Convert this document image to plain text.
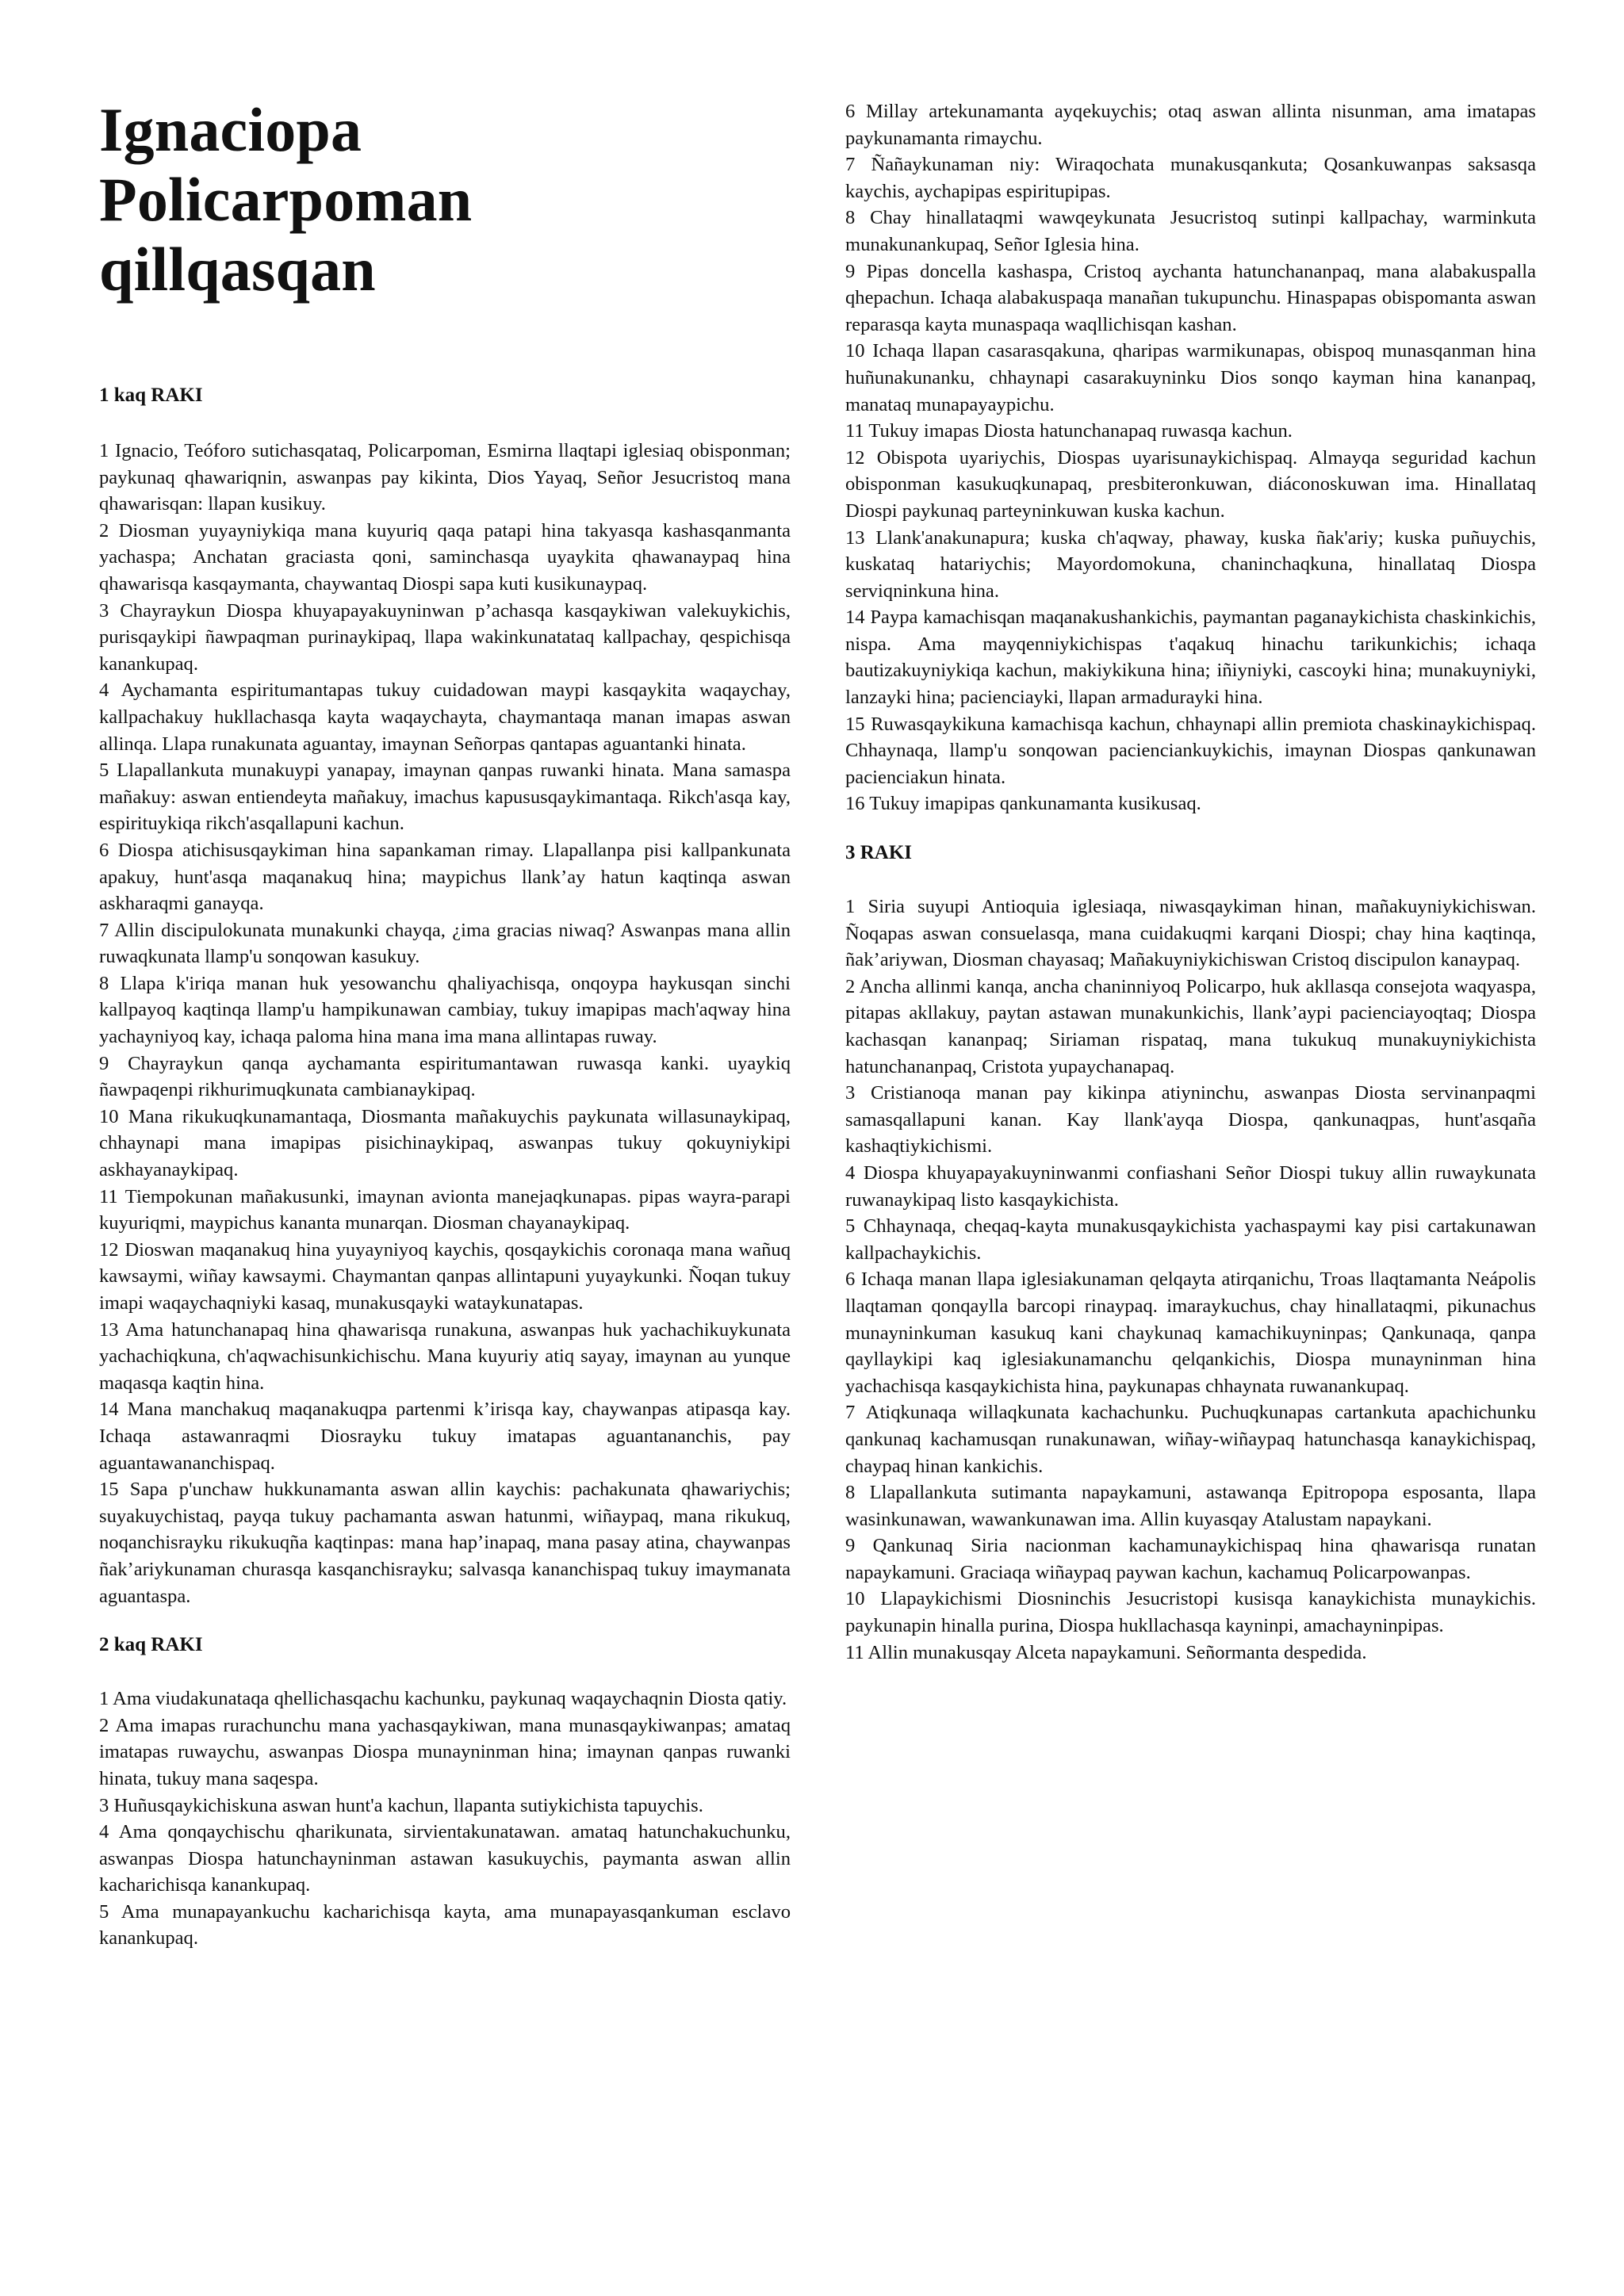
Ignaciopa
Policarpoman
qillqasqan
1 kaq RAKI

1 Ignacio, Teóforo sutichasqataq, Policarpoman, Esmirna llaqtapi iglesiaq obisponman; paykunaq qhawariqnin, aswanpas pay kikinta, Dios Yayaq, Señor Jesucristoq mana qhawarisqan: llapan kusikuy.

2 Diosman yuyayniykiqa mana kuyuriq qaqa patapi hina takyasqa kashasqanmanta yachaspa; Anchatan graciasta qoni, saminchasqa uyaykita qhawanaypaq hina qhawarisqa kasqaymanta, chaywantaq Diospi sapa kuti kusikunaypaq.

3 Chayraykun Diospa khuyapayakuyninwan p’achasqa kasqaykiwan valekuykichis, purisqaykipi ñawpaqman purinaykipaq, llapa wakinkunatataq kallpachay, qespichisqa kanankupaq.

4 Aychamanta espiritumantapas tukuy cuidadowan maypi kasqaykita waqaychay, kallpachakuy hukllachasqa kayta waqaychayta, chaymantaqa manan imapas aswan allinqa. Llapa runakunata aguantay, imaynan Señorpas qantapas aguantanki hinata.

5 Llapallankuta munakuypi yanapay, imaynan qanpas ruwanki hinata. Mana samaspa mañakuy: aswan entiendeyta mañakuy, imachus kapususqaykimantaqa. Rikch'asqa kay, espirituykiqa rikch'asqallapuni kachun.

6 Diospa atichisusqaykiman hina sapankaman rimay. Llapallanpa pisi kallpankunata apakuy, hunt'asqa maqanakuq hina; maypichus llank’ay hatun kaqtinqa aswan askharaqmi ganayqa.

7 Allin discipulokunata munakunki chayqa, ¿ima gracias niwaq? Aswanpas mana allin ruwaqkunata llamp'u sonqowan kasukuy.

8 Llapa k'iriqa manan huk yesowanchu qhaliyachisqa, onqoypa haykusqan sinchi kallpayoq kaqtinqa llamp'u hampikunawan cambiay, tukuy imapipas mach'aqway hina yachayniyoq kay, ichaqa paloma hina mana ima mana allintapas ruway.

9 Chayraykun qanqa aychamanta espiritumantawan ruwasqa kanki. uyaykiq ñawpaqenpi rikhurimuqkunata cambianaykipaq.

10 Mana rikukuqkunamantaqa, Diosmanta mañakuychis paykunata willasunaykipaq, chhaynapi mana imapipas pisichinaykipaq, aswanpas tukuy qokuyniykipi askhayanaykipaq.

11 Tiempokunan mañakusunki, imaynan avionta manejaqkunapas. pipas wayra-parapi kuyuriqmi, maypichus kananta munarqan. Diosman chayanaykipaq.

12 Dioswan maqanakuq hina yuyayniyoq kaychis, qosqaykichis coronaqa mana wañuq kawsaymi, wiñay kawsaymi. Chaymantan qanpas allintapuni yuyaykunki. Ñoqan tukuy imapi waqaychaqniyki kasaq, munakusqayki wataykunatapas.

13 Ama hatunchanapaq hina qhawarisqa runakuna, aswanpas huk yachachikuykunata yachachiqkuna, ch'aqwachisunkichischu. Mana kuyuriy atiq sayay, imaynan au yunque maqasqa kaqtin hina.

14 Mana manchakuq maqanakuqpa partenmi k’irisqa kay, chaywanpas atipasqa kay. Ichaqa astawanraqmi Diosrayku tukuy imatapas aguantananchis, pay aguantawananchispaq.

15 Sapa p'unchaw hukkunamanta aswan allin kaychis: pachakunata qhawariychis; suyakuychistaq, payqa tukuy pachamanta aswan hatunmi, wiñaypaq, mana rikukuq, noqanchisrayku rikukuqña kaqtinpas: mana hap’inapaq, mana pasay atina, chaywanpas ñak’ariykunaman churasqa kasqanchisrayku; salvasqa kananchispaq tukuy imaymanata aguantaspa.

2 kaq RAKI

1 Ama viudakunataqa qhellichasqachu kachunku, paykunaq waqaychaqnin Diosta qatiy.

2 Ama imapas rurachunchu mana yachasqaykiwan, mana munasqaykiwanpas; amataq imatapas ruwaychu, aswanpas Diospa munayninman hina; imaynan qanpas ruwanki hinata, tukuy mana saqespa.

3 Huñusqaykichiskuna aswan hunt'a kachun, llapanta sutiykichista tapuychis.

4 Ama qonqaychischu qharikunata, sirvientakunatawan. amataq hatunchakuchunku, aswanpas Diospa hatunchayninman astawan kasukuychis, paymanta aswan allin kacharichisqa kanankupaq.

5 Ama munapayankuchu kacharichisqa kayta, ama munapayasqankuman esclavo kanankupaq.

6 Millay artekunamanta ayqekuychis; otaq aswan allinta nisunman, ama imatapas paykunamanta rimaychu.

7 Ñañaykunaman niy: Wiraqochata munakusqankuta; Qosankuwanpas saksasqa kaychis, aychapipas espiritupipas.

8 Chay hinallataqmi wawqeykunata Jesucristoq sutinpi kallpachay, warminkuta munakunankupaq, Señor Iglesia hina.

9 Pipas doncella kashaspa, Cristoq aychanta hatunchananpaq, mana alabakuspalla qhepachun. Ichaqa alabakuspaqa manañan tukupunchu. Hinaspapas obispomanta aswan reparasqa kayta munaspaqa waqllichisqan kashan.

10 Ichaqa llapan casarasqakuna, qharipas warmikunapas, obispoq munasqanman hina huñunakunanku, chhaynapi casarakuyninku Dios sonqo kayman hina kananpaq, manataq munapayaypichu.

11 Tukuy imapas Diosta hatunchanapaq ruwasqa kachun.

12 Obispota uyariychis, Diospas uyarisunaykichispaq. Almayqa seguridad kachun obisponman kasukuqkunapaq, presbiteronkuwan, diáconoskuwan ima. Hinallataq Diospi paykunaq parteyninkuwan kuska kachun.

13 Llank'anakunapura; kuska ch'aqway, phaway, kuska ñak'ariy; kuska puñuychis, kuskataq hatariychis; Mayordomokuna, chaninchaqkuna, hinallataq Diospa serviqninkuna hina.

14 Paypa kamachisqan maqanakushankichis, paymantan paganaykichista chaskinkichis, nispa. Ama mayqenniykichispas t'aqakuq hinachu tarikunkichis; ichaqa bautizakuyniykiqa kachun, makiykikuna hina; iñiyniyki, cascoyki hina; munakuyniyki, lanzayki hina; pacienciayki, llapan armadurayki hina.

15 Ruwasqaykikuna kamachisqa kachun, chhaynapi allin premiota chaskinaykichispaq. Chhaynaqa, llamp'u sonqowan pacienciankuykichis, imaynan Diospas qankunawan pacienciakun hinata.

16 Tukuy imapipas qankunamanta kusikusaq.

3 RAKI

1 Siria suyupi Antioquia iglesiaqa, niwasqaykiman hinan, mañakuyniykichiswan. Ñoqapas aswan consuelasqa, mana cuidakuqmi karqani Diospi; chay hina kaqtinqa, ñak’ariywan, Diosman chayasaq; Mañakuyniykichiswan Cristoq discipulon kanaypaq.

2 Ancha allinmi kanqa, ancha chaninniyoq Policarpo, huk akllasqa consejota waqyaspa, pitapas akllakuy, paytan astawan munakunkichis, llank’aypi pacienciayoqtaq; Diospa kachasqan kananpaq; Siriaman rispataq, mana tukukuq munakuyniykichista hatunchananpaq, Cristota yupaychanapaq.

3 Cristianoqa manan pay kikinpa atiyninchu, aswanpas Diosta servinanpaqmi samasqallapuni kanan. Kay llank'ayqa Diospa, qankunaqpas, hunt'asqaña kashaqtiykichismi.

4 Diospa khuyapayakuyninwanmi confiashani Señor Diospi tukuy allin ruwaykunata ruwanaykipaq listo kasqaykichista.

5 Chhaynaqa, cheqaq-kayta munakusqaykichista yachaspaymi kay pisi cartakunawan kallpachaykichis.

6 Ichaqa manan llapa iglesiakunaman qelqayta atirqanichu, Troas llaqtamanta Neápolis llaqtaman qonqaylla barcopi rinaypaq. imaraykuchus, chay hinallataqmi, pikunachus munayninkuman kasukuq kani chaykunaq kamachikuyninpas; Qankunaqa, qanpa qayllaykipi kaq iglesiakunamanchu qelqankichis, Diospa munayninman hina yachachisqa kasqaykichista hina, paykunapas chhaynata ruwanankupaq.

7 Atiqkunaqa willaqkunata kachachunku. Puchuqkunapas cartankuta apachichunku qankunaq kachamusqan runakunawan, wiñay-wiñaypaq hatunchasqa kanaykichispaq, chaypaq hinan kankichis.

8 Llapallankuta sutimanta napaykamuni, astawanqa Epitropopa esposanta, llapa wasinkunawan, wawankunawan ima. Allin kuyasqay Atalustam napaykani.

9 Qankunaq Siria nacionman kachamunaykichispaq hina qhawarisqa runatan napaykamuni. Graciaqa wiñaypaq paywan kachun, kachamuq Policarpowanpas.

10 Llapaykichismi Diosninchis Jesucristopi kusisqa kanaykichista munaykichis. paykunapin hinalla purina, Diospa hukllachasqa kayninpi, amachayninpipas.

11 Allin munakusqay Alceta napaykamuni. Señormanta despedida.
